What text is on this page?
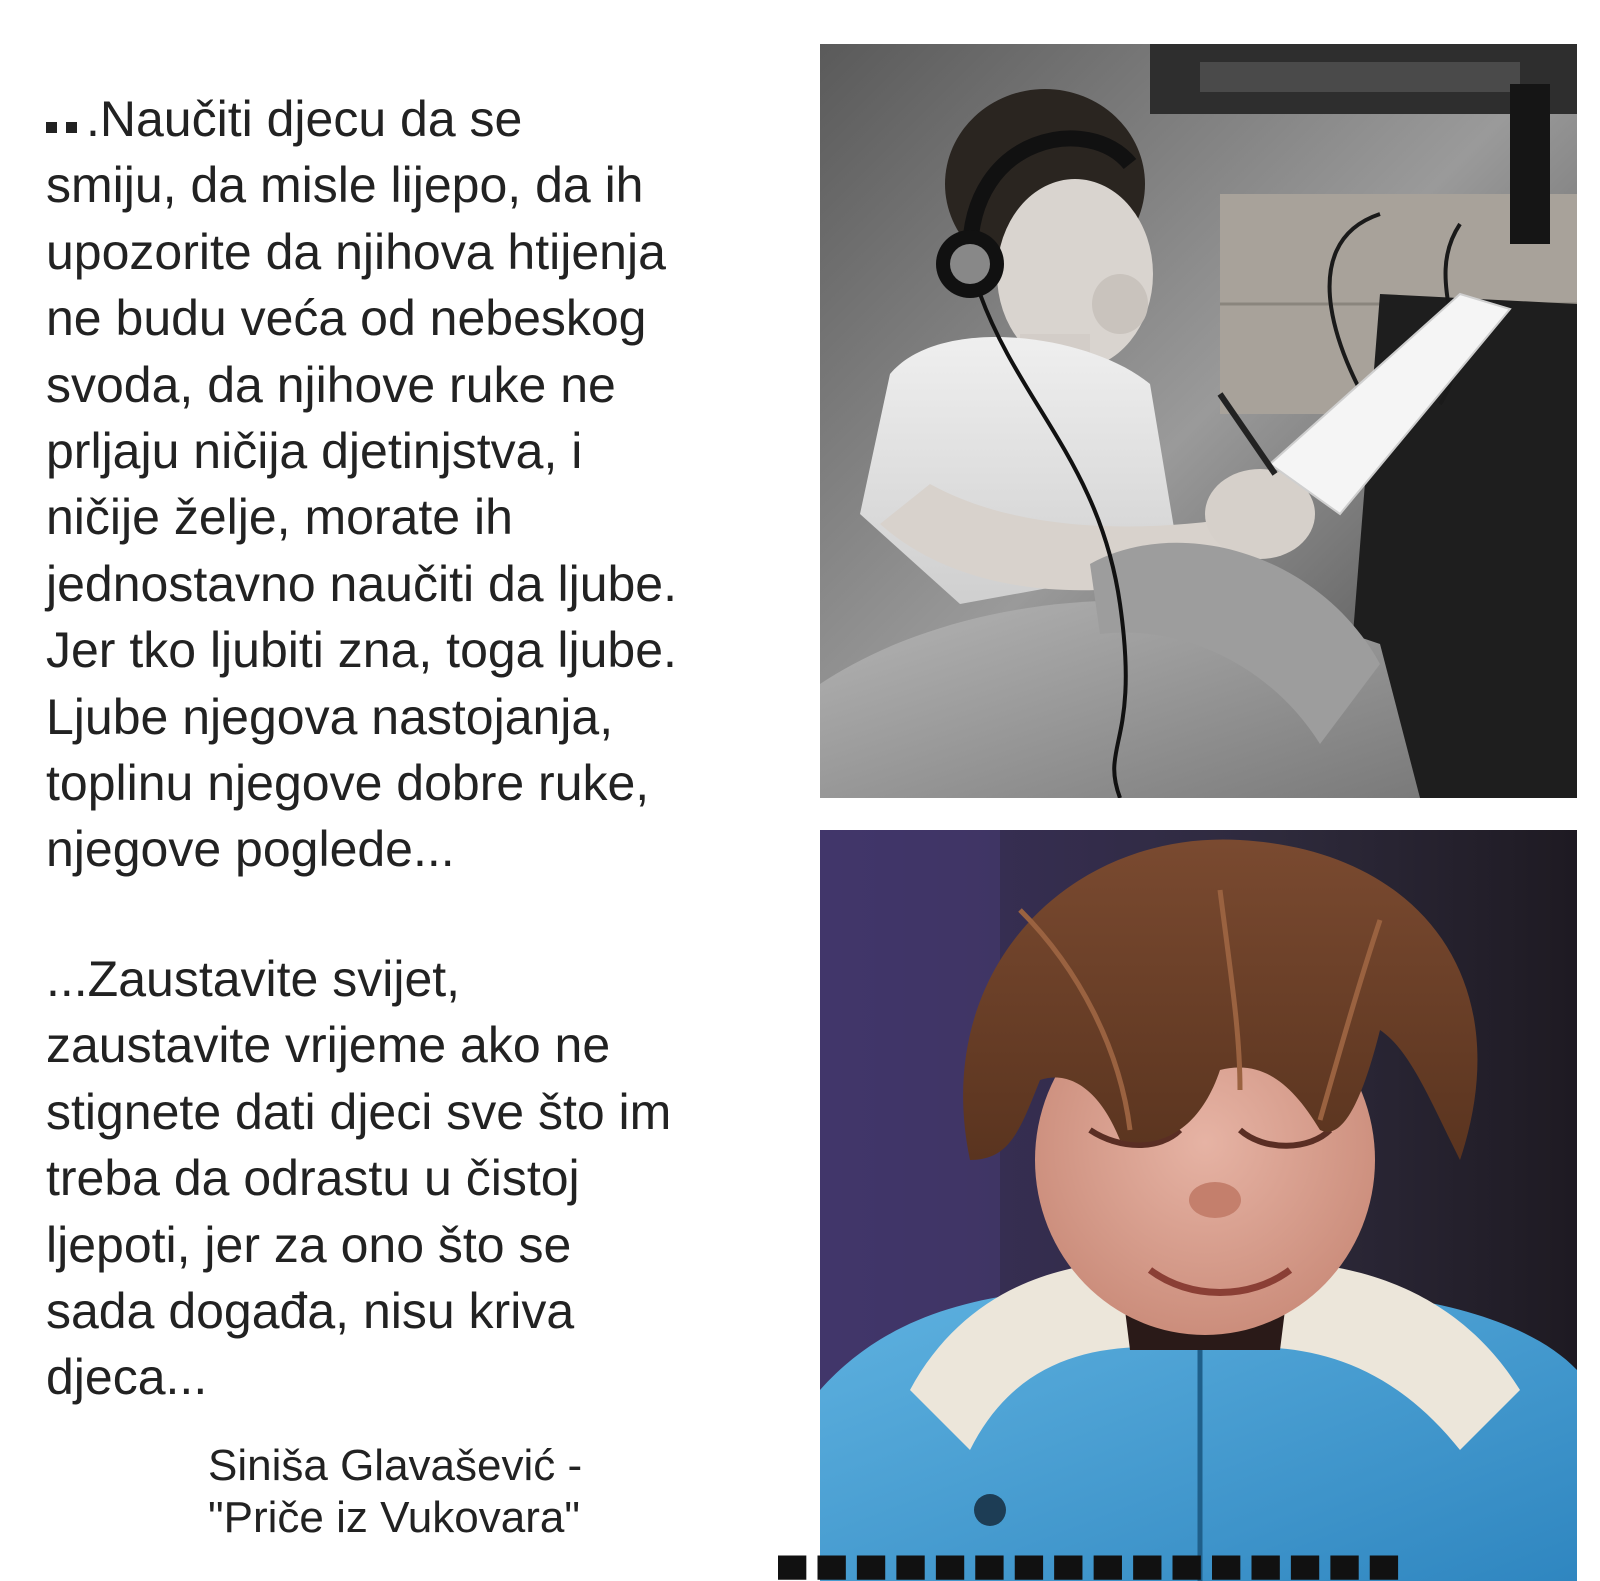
.Naučiti djecu da se
smiju, da misle lijepo, da ih
upozorite da njihova htijenja
ne budu veća od nebeskog
svoda, da njihove ruke ne
prljaju ničija djetinjstva, i
ničije želje, morate ih
jednostavno naučiti da ljube.
Jer tko ljubiti zna, toga ljube.
Ljube njegova nastojanja,
toplinu njegove dobre ruke,
njegove poglede...
...Zaustavite svijet,
zaustavite vrijeme ako ne
stignete dati djeci sve što im
treba da odrastu u čistoj
ljepoti, jer za ono što se
sada događa, nisu kriva
djeca...
Siniša Glavašević -
"Priče iz Vukovara"
▀ ▀ ▀ ▀ ▀ ▀ ▀ ▀ ▀ ▀ ▀ ▀ ▀ ▀ ▀ ▀
